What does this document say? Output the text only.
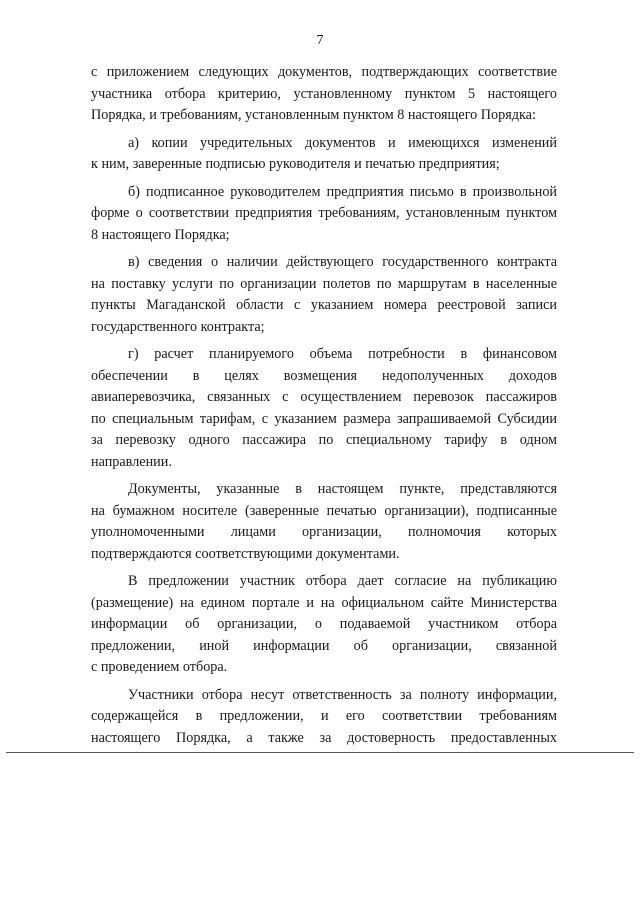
7

с приложением следующих документов, подтверждающих соответствие

участника отбора критерию, установленному пунктом 5 настоящего

Порядка, и требованиям, установленным пунктом 8 настоящего Порядка:

а) копии учредительных документов и имеющихся изменений

к ним, заверенные подписью руководителя и печатью предприятия;

б) подписанное руководителем предприятия письмо в произвольной

форме о соответствии предприятия требованиям, установленным пунктом

8 настоящего Порядка;

в) сведения о наличии действующего государственного контракта

на поставку услуги по организации полетов по маршрутам в населенные

пункты Магаданской области с указанием номера реестровой записи

государственного контракта;

г) расчет планируемого объема потребности в финансовом

обеспечении в целях возмещения недополученных доходов

авиаперевозчика, связанных с осуществлением перевозок пассажиров

по специальным тарифам, с указанием размера запрашиваемой Субсидии

за перевозку одного пассажира по специальному тарифу в одном

направлении.

Документы, указанные в настоящем пункте, представляются

на бумажном носителе (заверенные печатью организации), подписанные

уполномоченными лицами организации, полномочия которых

подтверждаются соответствующими документами.

В предложении участник отбора дает согласие на публикацию

(размещение) на едином портале и на официальном сайте Министерства

информации об организации, о подаваемой участником отбора

предложении, иной информации об организации, связанной

с проведением отбора.

Участники отбора несут ответственность за полноту информации,

содержащейся в предложении, и его соответствии требованиям

настоящего Порядка, а также за достоверность предоставленных
